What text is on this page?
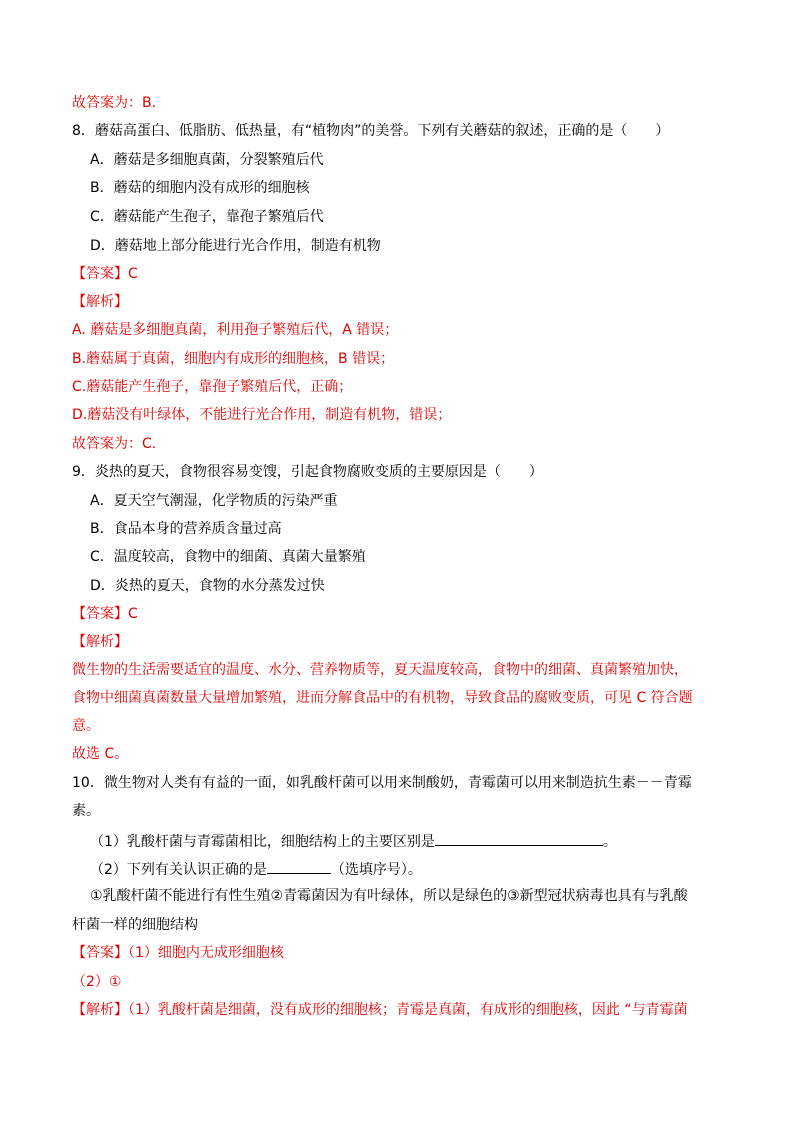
故答案为：B.
8．蘑菇高蛋白、低脂肪、低热量，有“植物肉”的美誉。下列有关蘑菇的叙述，正确的是（　　）
A．蘑菇是多细胞真菌，分裂繁殖后代
B．蘑菇的细胞内没有成形的细胞核
C．蘑菇能产生孢子，靠孢子繁殖后代
D．蘑菇地上部分能进行光合作用，制造有机物
【答案】C
【解析】
A. 蘑菇是多细胞真菌，利用孢子繁殖后代，A 错误；
B.蘑菇属于真菌，细胞内有成形的细胞核，B 错误；
C.蘑菇能产生孢子，靠孢子繁殖后代，正确；
D.蘑菇没有叶绿体，不能进行光合作用，制造有机物，错误；
故答案为：C.
9．炎热的夏天，食物很容易变馊，引起食物腐败变质的主要原因是（　　）
A．夏天空气潮湿，化学物质的污染严重
B．食品本身的营养质含量过高
C．温度较高，食物中的细菌、真菌大量繁殖
D．炎热的夏天，食物的水分蒸发过快
【答案】C
【解析】
微生物的生活需要适宜的温度、水分、营养物质等，夏天温度较高，食物中的细菌、真菌繁殖加快，
食物中细菌真菌数量大量增加繁殖，进而分解食品中的有机物，导致食品的腐败变质，可见 C 符合题
意。
故选 C。
10．微生物对人类有有益的一面，如乳酸杆菌可以用来制酸奶，青霉菌可以用来制造抗生素－－青霉
素。
（1）乳酸杆菌与青霉菌相比，细胞结构上的主要区别是	。
（2）下列有关认识正确的是	（选填序号）。
①乳酸杆菌不能进行有性生殖②青霉菌因为有叶绿体，所以是绿色的③新型冠状病毒也具有与乳酸
杆菌一样的细胞结构
【答案】（1）细胞内无成形细胞核
（2）①
【解析】（1）乳酸杆菌是细菌，没有成形的细胞核；青霉是真菌，有成形的细胞核，因此 “与青霉菌
